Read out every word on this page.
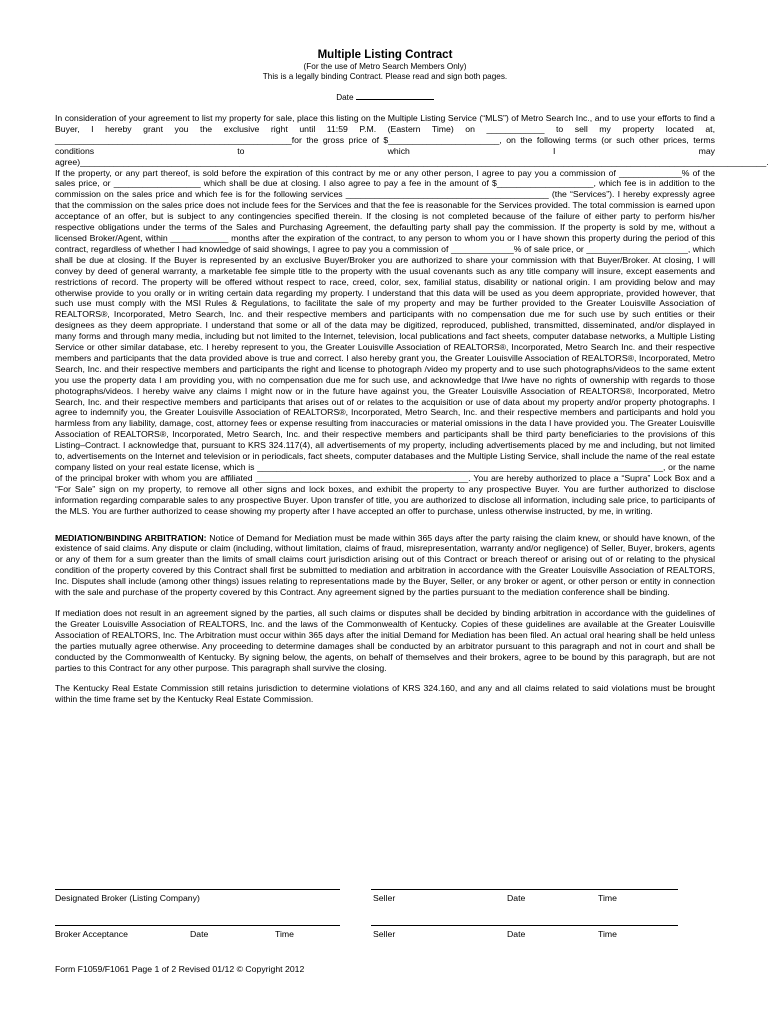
Multiple Listing Contract

(For the use of Metro Search Members Only)

This is a legally binding Contract. Please read and sign both pages.

Date

In consideration of your agreement to list my property for sale, place this listing on the Multiple Listing Service (“MLS”) of Metro Search Inc., and to use your efforts to find a Buyer, I hereby grant you the exclusive right until 11:59 P.M. (Eastern Time) on ____________ to sell my property located at, _________________________________________________for the gross price of $_______________________, on the following terms (or such other prices, terms conditions to which I may agree)______________________________________________________________________________________________________________________________________________.

If the property, or any part thereof, is sold before the expiration of this contract by me or any other person, I agree to pay you a commission of _____________% of the sales price, or __________________ which shall be due at closing. I also agree to pay a fee in the amount of $____________________, which fee is in addition to the commission on the sales price and which fee is for the following services __________________________________________ (the “Services”). I hereby expressly agree that the commission on the sales price does not include fees for the Services and that the fee is reasonable for the Services provided. The total commission is earned upon acceptance of an offer, but is subject to any contingencies specified therein. If the closing is not completed because of the failure of either party to perform his/her respective obligations under the terms of the Sales and Purchasing Agreement, the defaulting party shall pay the commission. If the property is sold by me, without a licensed Broker/Agent, within ____________ months after the expiration of the contract, to any person to whom you or I have shown this property during the period of this contract, regardless of whether I had knowledge of said showings, I agree to pay you a commission of _____________% of sale price, or _____________________, which shall be due at closing. If the Buyer is represented by an exclusive Buyer/Broker you are authorized to share your commission with that Buyer/Broker. At closing, I will convey by deed of general warranty, a marketable fee simple title to the property with the usual covenants such as any title company will insure, except easements and restrictions of record. The property will be offered without respect to race, creed, color, sex, familial status, disability or national origin. I am providing below and may otherwise provide to you orally or in writing certain data regarding my property. I understand that this data will be used as you deem appropriate, provided however, that such use must comply with the MSI Rules & Regulations, to facilitate the sale of my property and may be further provided to the Greater Louisville Association of REALTORS®, Incorporated, Metro Search, Inc. and their respective members and participants with no compensation due me for such use by such entities or their designees as they deem appropriate. I understand that some or all of the data may be digitized, reproduced, published, transmitted, disseminated, and/or displayed in many forms and through many media, including but not limited to the Internet, television, local publications and fact sheets, computer database networks, a Multiple Listing Service or other similar database, etc. I hereby represent to you, the Greater Louisville Association of REALTORS®, Incorporated, Metro Search Inc. and their respective members and participants that the data provided above is true and correct. I also hereby grant you, the Greater Louisville Association of REALTORS®, Incorporated, Metro Search, Inc. and their respective members and participants the right and license to photograph /video my property and to use such photographs/videos to the same extent you use the property data I am providing you, with no compensation due me for such use, and acknowledge that I/we have no rights of ownership with regards to those photographs/videos. I hereby waive any claims I might now or in the future have against you, the Greater Louisville Association of REALTORS®, Incorporated, Metro Search, Inc. and their respective members and participants that arises out of or relates to the acquisition or use of data about my property and/or property photographs. I agree to indemnify you, the Greater Louisville Association of REALTORS®, Incorporated, Metro Search, Inc. and their respective members and participants and hold you harmless from any liability, damage, cost, attorney fees or expense resulting from inaccuracies or material omissions in the data I have provided you. The Greater Louisville Association of REALTORS®, Incorporated, Metro Search, Inc. and their respective members and participants shall be third party beneficiaries to the provisions of this Listing–Contract. I acknowledge that, pursuant to KRS 324.117(4), all advertisements of my property, including advertisements placed by me and including, but not limited to, advertisements on the Internet and television or in periodicals, fact sheets, computer databases and the Multiple Listing Service, shall include the name of the real estate company listed on your real estate license, which is ____________________________________________________________________________________, or the name of the principal broker with whom you are affiliated ____________________________________________. You are hereby authorized to place a “Supra” Lock Box and a “For Sale” sign on my property, to remove all other signs and lock boxes, and exhibit the property to any prospective Buyer. You are further authorized to disclose information regarding comparable sales to any prospective Buyer. Upon transfer of title, you are authorized to disclose all information, including sale price, to participants of the MLS. You are further authorized to cease showing my property after I have accepted an offer to purchase, unless otherwise instructed, by me, in writing.

MEDIATION/BINDING ARBITRATION: Notice of Demand for Mediation must be made within 365 days after the party raising the claim knew, or should have known, of the existence of said claims. Any dispute or claim (including, without limitation, claims of fraud, misrepresentation, warranty and/or negligence) of Seller, Buyer, brokers, agents or any of them for a sum greater than the limits of small claims court jurisdiction arising out of this Contract or breach thereof or arising out of or relating to the physical condition of the property covered by this Contract shall first be submitted to mediation and arbitration in accordance with the Greater Louisville Association of REALTORS, Inc. Disputes shall include (among other things) issues relating to representations made by the Buyer, Seller, or any broker or agent, or other person or entity in connection with the sale and purchase of the property covered by this Contract. Any agreement signed by the parties pursuant to the mediation conference shall be binding.

If mediation does not result in an agreement signed by the parties, all such claims or disputes shall be decided by binding arbitration in accordance with the guidelines of the Greater Louisville Association of REALTORS, Inc. and the laws of the Commonwealth of Kentucky. Copies of these guidelines are available at the Greater Louisville Association of REALTORS, Inc. The Arbitration must occur within 365 days after the initial Demand for Mediation has been filed. An actual oral hearing shall be held unless the parties mutually agree otherwise. Any proceeding to determine damages shall be conducted by an arbitrator pursuant to this paragraph and not in court and shall be conducted by the Commonwealth of Kentucky. By signing below, the agents, on behalf of themselves and their brokers, agree to be bound by this paragraph, but are not parties to this Contract for any other purpose. This paragraph shall survive the closing.

The Kentucky Real Estate Commission still retains jurisdiction to determine violations of KRS 324.160, and any and all claims related to said violations must be brought within the time frame set by the Kentucky Real Estate Commission.

Designated Broker (Listing Company)	Seller	Date	Time
Broker Acceptance	Date	Time	Seller	Date	Time
Form F1059/F1061 Page 1 of 2 Revised 01/12 © Copyright 2012
